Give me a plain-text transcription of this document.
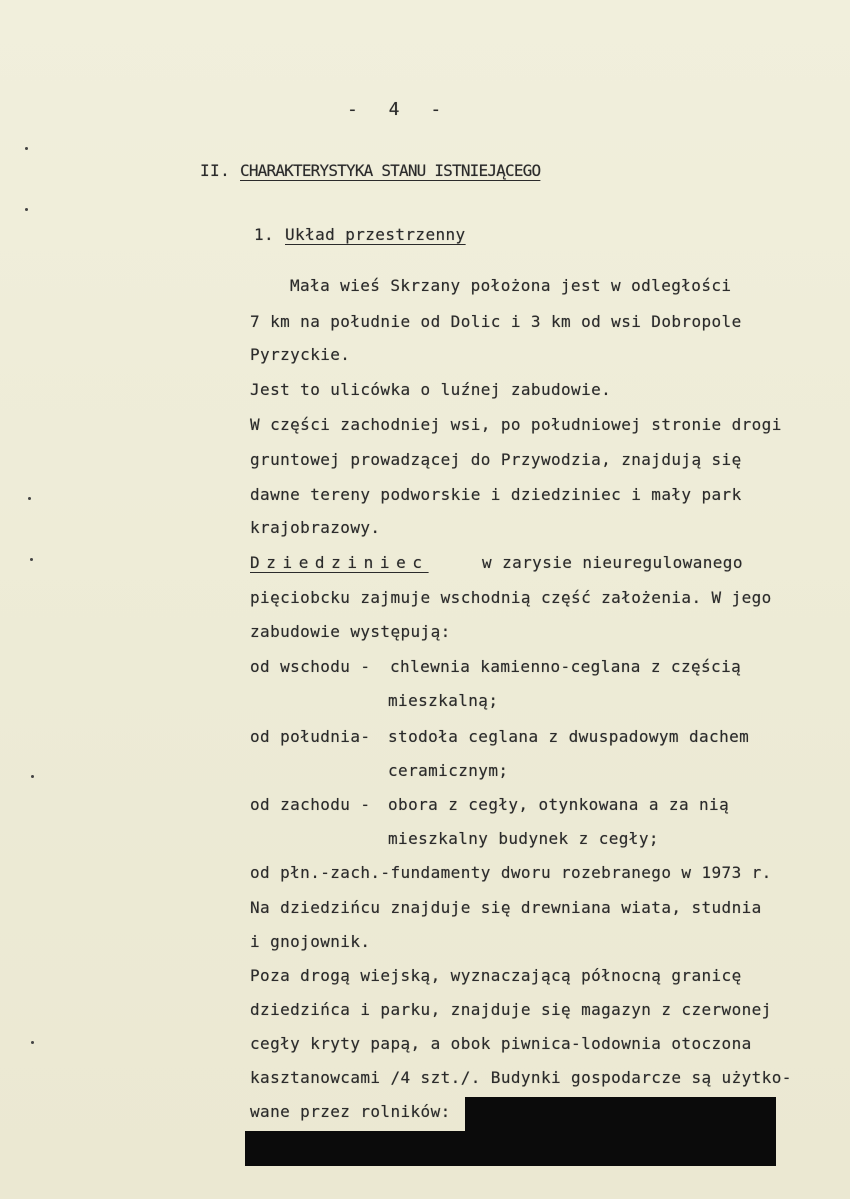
- 4 -
II. CHARAKTERYSTYKA STANU ISTNIEJĄCEGO
1. Układ przestrzenny
Mała wieś Skrzany położona jest w odległości
7 km na południe od Dolic i 3 km od wsi Dobropole
Pyrzyckie.
Jest to ulicówka o luźnej zabudowie.
W części zachodniej wsi, po południowej stronie drogi
gruntowej prowadzącej do Przywodzia, znajdują się
dawne tereny podworskie i dziedziniec i mały park
krajobrazowy.
Dziedziniec	w zarysie nieuregulowanego
pięciobcku zajmuje wschodnią część założenia. W jego
zabudowie występują:
od wschodu - chlewnia kamienno-ceglana z częścią
mieszkalną;
od południa- stodoła ceglana z dwuspadowym dachem
ceramicznym;
od zachodu - obora z cegły, otynkowana a za nią
mieszkalny budynek z cegły;
od płn.-zach.-fundamenty dworu rozebranego w 1973 r.
Na dziedzińcu znajduje się drewniana wiata, studnia
i gnojownik.
Poza drogą wiejską, wyznaczającą północną granicę
dziedzińca i parku, znajduje się magazyn z czerwonej
cegły kryty papą, a obok piwnica-lodownia otoczona
kasztanowcami /4 szt./. Budynki gospodarcze są użytko-
wane przez rolników:
